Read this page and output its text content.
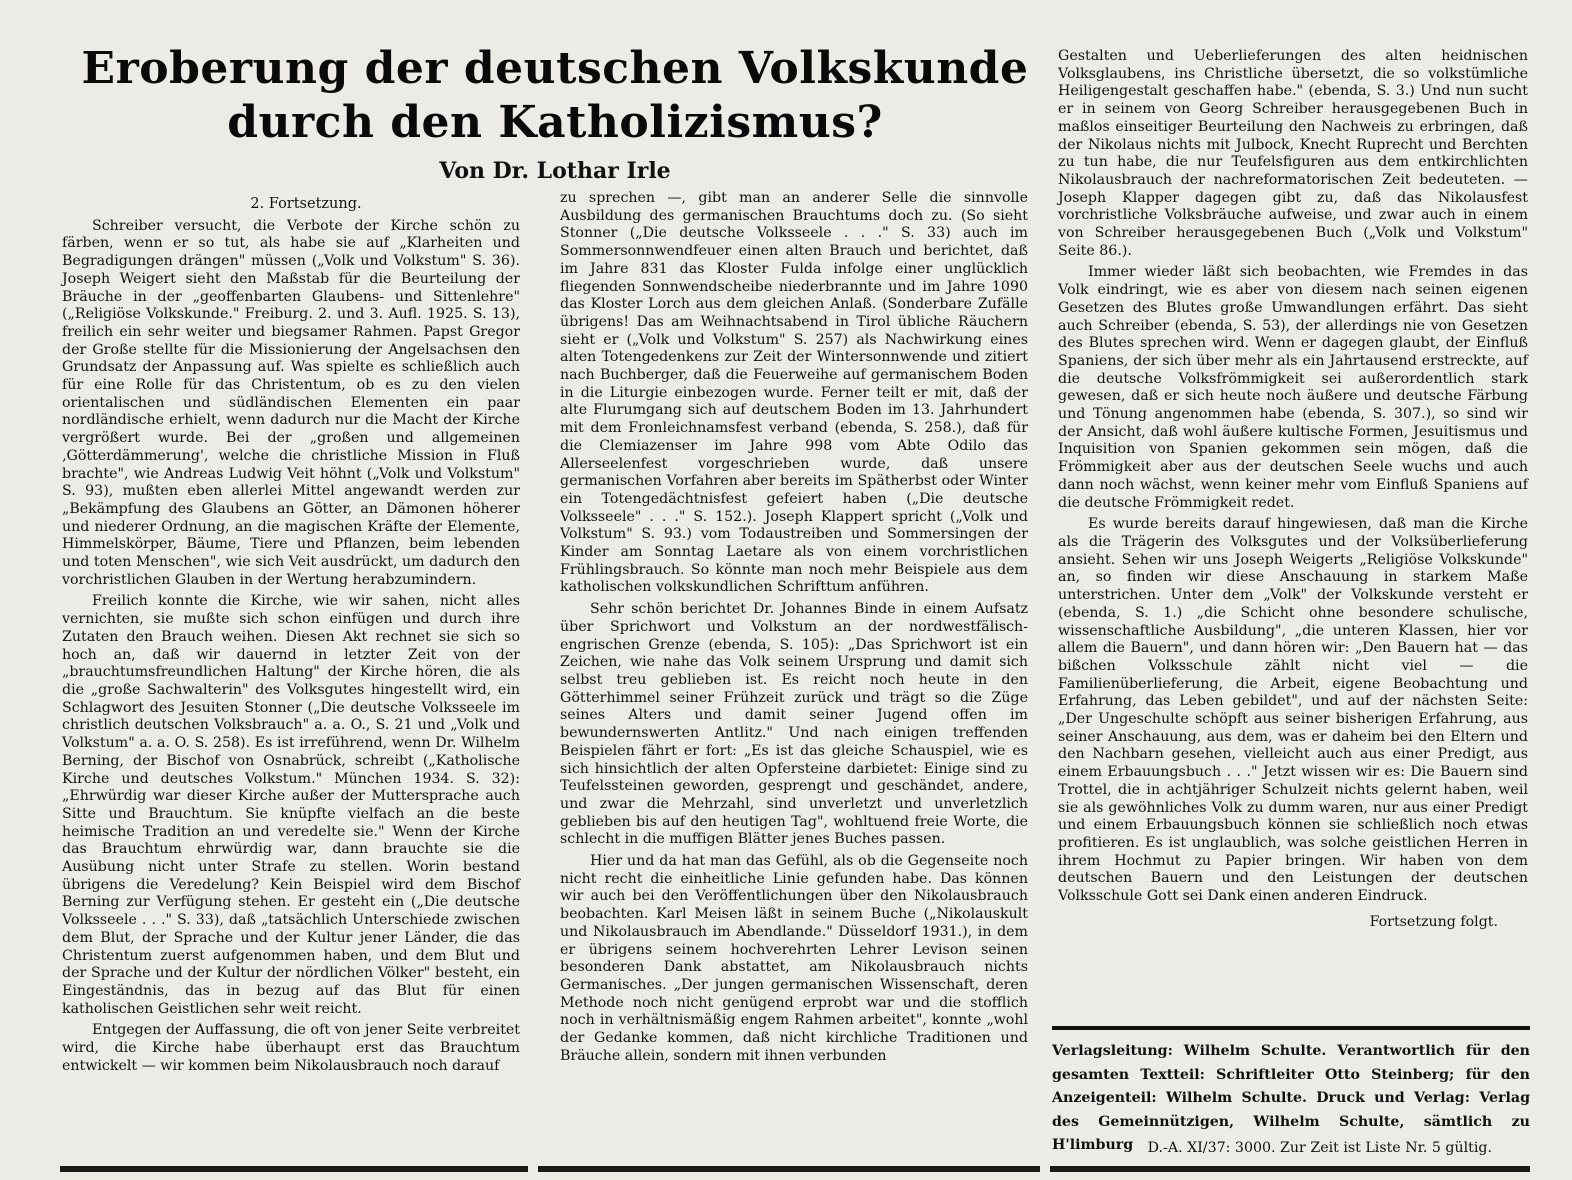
Eroberung der deutschen Volkskunde durch den Katholizismus?
Von Dr. Lothar Irle

2. Fortsetzung.

Schreiber versucht, die Verbote der Kirche schön zu färben, wenn er so tut, als habe sie auf „Klarheiten und Begradigungen drängen" müssen („Volk und Volkstum" S. 36). Joseph Weigert sieht den Maßstab für die Beurteilung der Bräuche in der „geoffenbarten Glaubens- und Sittenlehre" („Religiöse Volkskunde." Freiburg. 2. und 3. Aufl. 1925. S. 13), freilich ein sehr weiter und biegsamer Rahmen. Papst Gregor der Große stellte für die Missionierung der Angelsachsen den Grundsatz der Anpassung auf. Was spielte es schließlich auch für eine Rolle für das Christentum, ob es zu den vielen orientalischen und südländischen Elementen ein paar nordländische erhielt, wenn dadurch nur die Macht der Kirche vergrößert wurde. Bei der „großen und allgemeinen ‚Götterdämmerung', welche die christliche Mission in Fluß brachte", wie Andreas Ludwig Veit höhnt („Volk und Volkstum" S. 93), mußten eben allerlei Mittel angewandt werden zur „Bekämpfung des Glaubens an Götter, an Dämonen höherer und niederer Ordnung, an die magischen Kräfte der Elemente, Himmelskörper, Bäume, Tiere und Pflanzen, beim lebenden und toten Menschen", wie sich Veit ausdrückt, um dadurch den vorchristlichen Glauben in der Wertung herabzumindern.

Freilich konnte die Kirche, wie wir sahen, nicht alles vernichten, sie mußte sich schon einfügen und durch ihre Zutaten den Brauch weihen. Diesen Akt rechnet sie sich so hoch an, daß wir dauernd in letzter Zeit von der „brauchtumsfreundlichen Haltung" der Kirche hören, die als die „große Sachwalterin" des Volksgutes hingestellt wird, ein Schlagwort des Jesuiten Stonner („Die deutsche Volksseele im christlich deutschen Volksbrauch" a. a. O., S. 21 und „Volk und Volkstum" a. a. O. S. 258). Es ist irreführend, wenn Dr. Wilhelm Berning, der Bischof von Osnabrück, schreibt („Katholische Kirche und deutsches Volkstum." München 1934. S. 32): „Ehrwürdig war dieser Kirche außer der Muttersprache auch Sitte und Brauchtum. Sie knüpfte vielfach an die beste heimische Tradition an und veredelte sie." Wenn der Kirche das Brauchtum ehrwürdig war, dann brauchte sie die Ausübung nicht unter Strafe zu stellen. Worin bestand übrigens die Veredelung? Kein Beispiel wird dem Bischof Berning zur Verfügung stehen. Er gesteht ein („Die deutsche Volksseele . . ." S. 33), daß „tatsächlich Unterschiede zwischen dem Blut, der Sprache und der Kultur jener Länder, die das Christentum zuerst aufgenommen haben, und dem Blut und der Sprache und der Kultur der nördlichen Völker" besteht, ein Eingeständnis, das in bezug auf das Blut für einen katholischen Geistlichen sehr weit reicht.

Entgegen der Auffassung, die oft von jener Seite verbreitet wird, die Kirche habe überhaupt erst das Brauchtum entwickelt — wir kommen beim Nikolausbrauch noch darauf

zu sprechen —, gibt man an anderer Selle die sinnvolle Ausbildung des germanischen Brauchtums doch zu. (So sieht Stonner („Die deutsche Volksseele . . ." S. 33) auch im Sommersonnwendfeuer einen alten Brauch und berichtet, daß im Jahre 831 das Kloster Fulda infolge einer unglücklich fliegenden Sonnwendscheibe niederbrannte und im Jahre 1090 das Kloster Lorch aus dem gleichen Anlaß. (Sonderbare Zufälle übrigens! Das am Weihnachtsabend in Tirol übliche Räuchern sieht er („Volk und Volkstum" S. 257) als Nachwirkung eines alten Totengedenkens zur Zeit der Wintersonnwende und zitiert nach Buchberger, daß die Feuerweihe auf germanischem Boden in die Liturgie einbezogen wurde. Ferner teilt er mit, daß der alte Flurumgang sich auf deutschem Boden im 13. Jahrhundert mit dem Fronleichnamsfest verband (ebenda, S. 258.), daß für die Clemiazenser im Jahre 998 vom Abte Odilo das Allerseelenfest vorgeschrieben wurde, daß unsere germanischen Vorfahren aber bereits im Spätherbst oder Winter ein Totengedächtnisfest gefeiert haben („Die deutsche Volksseele" . . ." S. 152.). Joseph Klappert spricht („Volk und Volkstum" S. 93.) vom Todaustreiben und Sommersingen der Kinder am Sonntag Laetare als von einem vorchristlichen Frühlingsbrauch. So könnte man noch mehr Beispiele aus dem katholischen volkskundlichen Schrifttum anführen.

Sehr schön berichtet Dr. Johannes Binde in einem Aufsatz über Sprichwort und Volkstum an der nordwestfälisch-engrischen Grenze (ebenda, S. 105): „Das Sprichwort ist ein Zeichen, wie nahe das Volk seinem Ursprung und damit sich selbst treu geblieben ist. Es reicht noch heute in den Götterhimmel seiner Frühzeit zurück und trägt so die Züge seines Alters und damit seiner Jugend offen im bewundernswerten Antlitz." Und nach einigen treffenden Beispielen fährt er fort: „Es ist das gleiche Schauspiel, wie es sich hinsichtlich der alten Opfersteine darbietet: Einige sind zu Teufelssteinen geworden, gesprengt und geschändet, andere, und zwar die Mehrzahl, sind unverletzt und unverletzlich geblieben bis auf den heutigen Tag", wohltuend freie Worte, die schlecht in die muffigen Blätter jenes Buches passen.

Hier und da hat man das Gefühl, als ob die Gegenseite noch nicht recht die einheitliche Linie gefunden habe. Das können wir auch bei den Veröffentlichungen über den Nikolausbrauch beobachten. Karl Meisen läßt in seinem Buche („Nikolauskult und Nikolausbrauch im Abendlande." Düsseldorf 1931.), in dem er übrigens seinem hochverehrten Lehrer Levison seinen besonderen Dank abstattet, am Nikolausbrauch nichts Germanisches. „Der jungen germanischen Wissenschaft, deren Methode noch nicht genügend erprobt war und die stofflich noch in verhältnismäßig engem Rahmen arbeitet", konnte „wohl der Gedanke kommen, daß nicht kirchliche Traditionen und Bräuche allein, sondern mit ihnen verbunden

Gestalten und Ueberlieferungen des alten heidnischen Volksglaubens, ins Christliche übersetzt, die so volkstümliche Heiligengestalt geschaffen habe." (ebenda, S. 3.) Und nun sucht er in seinem von Georg Schreiber herausgegebenen Buch in maßlos einseitiger Beurteilung den Nachweis zu erbringen, daß der Nikolaus nichts mit Julbock, Knecht Ruprecht und Berchten zu tun habe, die nur Teufelsfiguren aus dem entkirchlichten Nikolausbrauch der nachreformatorischen Zeit bedeuteten. — Joseph Klapper dagegen gibt zu, daß das Nikolausfest vorchristliche Volksbräuche aufweise, und zwar auch in einem von Schreiber herausgegebenen Buch („Volk und Volkstum" Seite 86.).

Immer wieder läßt sich beobachten, wie Fremdes in das Volk eindringt, wie es aber von diesem nach seinen eigenen Gesetzen des Blutes große Umwandlungen erfährt. Das sieht auch Schreiber (ebenda, S. 53), der allerdings nie von Gesetzen des Blutes sprechen wird. Wenn er dagegen glaubt, der Einfluß Spaniens, der sich über mehr als ein Jahrtausend erstreckte, auf die deutsche Volksfrömmigkeit sei außerordentlich stark gewesen, daß er sich heute noch äußere und deutsche Färbung und Tönung angenommen habe (ebenda, S. 307.), so sind wir der Ansicht, daß wohl äußere kultische Formen, Jesuitismus und Inquisition von Spanien gekommen sein mögen, daß die Frömmigkeit aber aus der deutschen Seele wuchs und auch dann noch wächst, wenn keiner mehr vom Einfluß Spaniens auf die deutsche Frömmigkeit redet.

Es wurde bereits darauf hingewiesen, daß man die Kirche als die Trägerin des Volksgutes und der Volksüberlieferung ansieht. Sehen wir uns Joseph Weigerts „Religiöse Volkskunde" an, so finden wir diese Anschauung in starkem Maße unterstrichen. Unter dem „Volk" der Volkskunde versteht er (ebenda, S. 1.) „die Schicht ohne besondere schulische, wissenschaftliche Ausbildung", „die unteren Klassen, hier vor allem die Bauern", und dann hören wir: „Den Bauern hat — das bißchen Volksschule zählt nicht viel — die Familienüberlieferung, die Arbeit, eigene Beobachtung und Erfahrung, das Leben gebildet", und auf der nächsten Seite: „Der Ungeschulte schöpft aus seiner bisherigen Erfahrung, aus seiner Anschauung, aus dem, was er daheim bei den Eltern und den Nachbarn gesehen, vielleicht auch aus einer Predigt, aus einem Erbauungsbuch . . ." Jetzt wissen wir es: Die Bauern sind Trottel, die in achtjähriger Schulzeit nichts gelernt haben, weil sie als gewöhnliches Volk zu dumm waren, nur aus einer Predigt und einem Erbauungsbuch können sie schließlich noch etwas profitieren. Es ist unglaublich, was solche geistlichen Herren in ihrem Hochmut zu Papier bringen. Wir haben von dem deutschen Bauern und den Leistungen der deutschen Volksschule Gott sei Dank einen anderen Eindruck.

Fortsetzung folgt.

Verlagsleitung: Wilhelm Schulte. Verantwortlich für den gesamten Textteil: Schriftleiter Otto Steinberg; für den Anzeigenteil: Wilhelm Schulte. Druck und Verlag: Verlag des Gemeinnützigen, Wilhelm Schulte, sämtlich zu H'limburg	D.-A. XI/37: 3000. Zur Zeit ist Liste Nr. 5 gültig.
